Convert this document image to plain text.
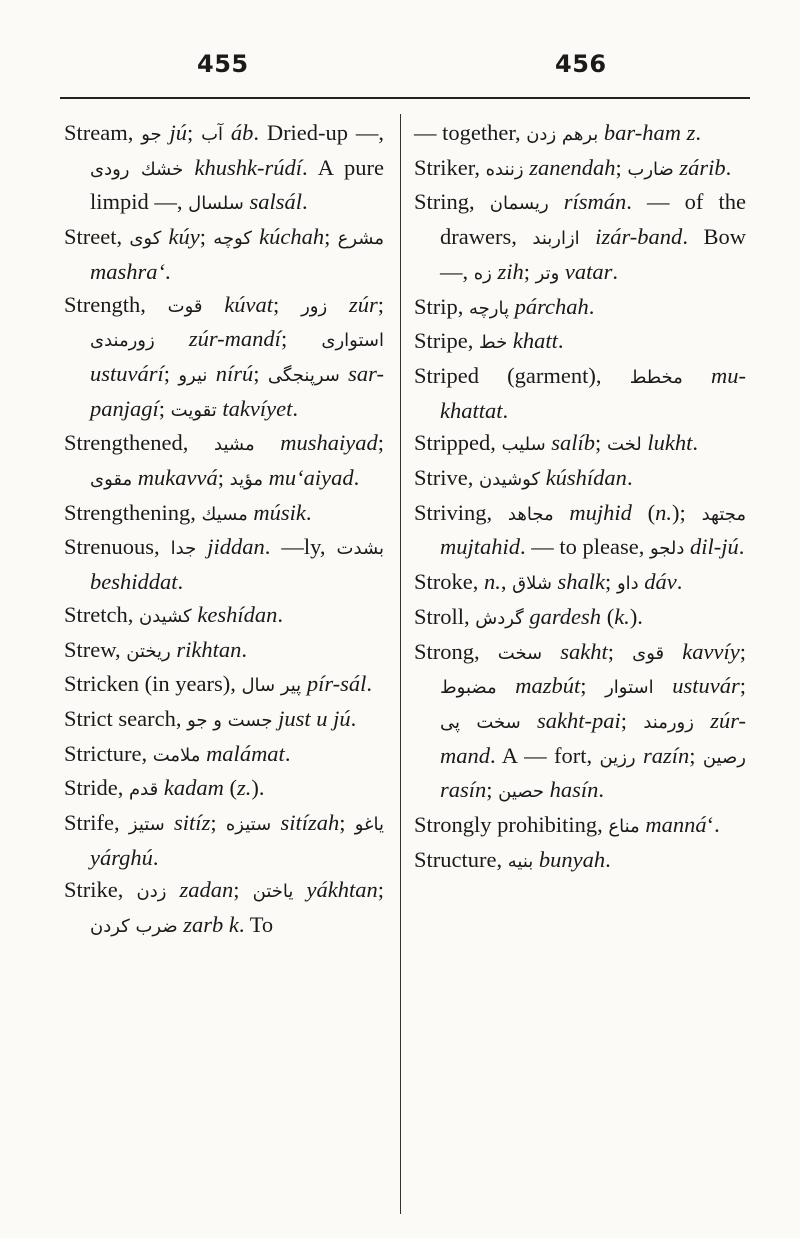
455	456

Stream, جو jú; آب áb. Dried-up —, خشك رودى khushk-rúdí. A pure limpid —, سلسال salsál.

Street, كوى kúy; كوچه kúchah; مشرع mashraʻ.

Strength, قوت kúvat; زور zúr; زورمندى zúr-mandí; استوارى ustuvárí; نيرو nírú; سرپنجگى sar-panjagí; تقويت takvíyet.

Strengthened, مشيد mushaiyad; مقوى mukavvá; مؤيد muʻaiyad.

Strengthening, مسيك músik.

Strenuous, جدا jiddan. —ly, بشدت beshiddat.

Stretch, كشيدن keshídan.

Strew, ريختن rikhtan.

Stricken (in years), پير سال pír-sál.

Strict search, جست و جو just u jú.

Stricture, ملامت malámat.

Stride, قدم kadam (z.).

Strife, ستيز sitíz; ستيزه sitízah; ياغو yárghú.

Strike, زدن zadan; ياختن yákhtan; ضرب كردن zarb k. To

— together, برهم زدن bar-ham z.

Striker, زننده zanendah; ضارب zárib.

String, ريسمان rísmán. — of the drawers, ازاربند izár-band. Bow —, زه zih; وتر vatar.

Strip, پارچه párchah.

Stripe, خط khatt.

Striped (garment), مخطط mu-khattat.

Stripped, سليب salíb; لخت lukht.

Strive, كوشيدن kúshídan.

Striving, مجاهد mujhid (n.); مجتهد mujtahid. — to please, دلجو dil-jú.

Stroke, n., شلاق shalk; داو dáv.

Stroll, گردش gardesh (k.).

Strong, سخت sakht; قوى kavvíy; مضبوط mazbút; استوار ustuvár; سخت پى sakht-pai; زورمند zúr-mand. A — fort, رزين razín; رصين rasín; حصين hasín.

Strongly prohibiting, مناع mannáʻ.

Structure, بنيه bunyah.
